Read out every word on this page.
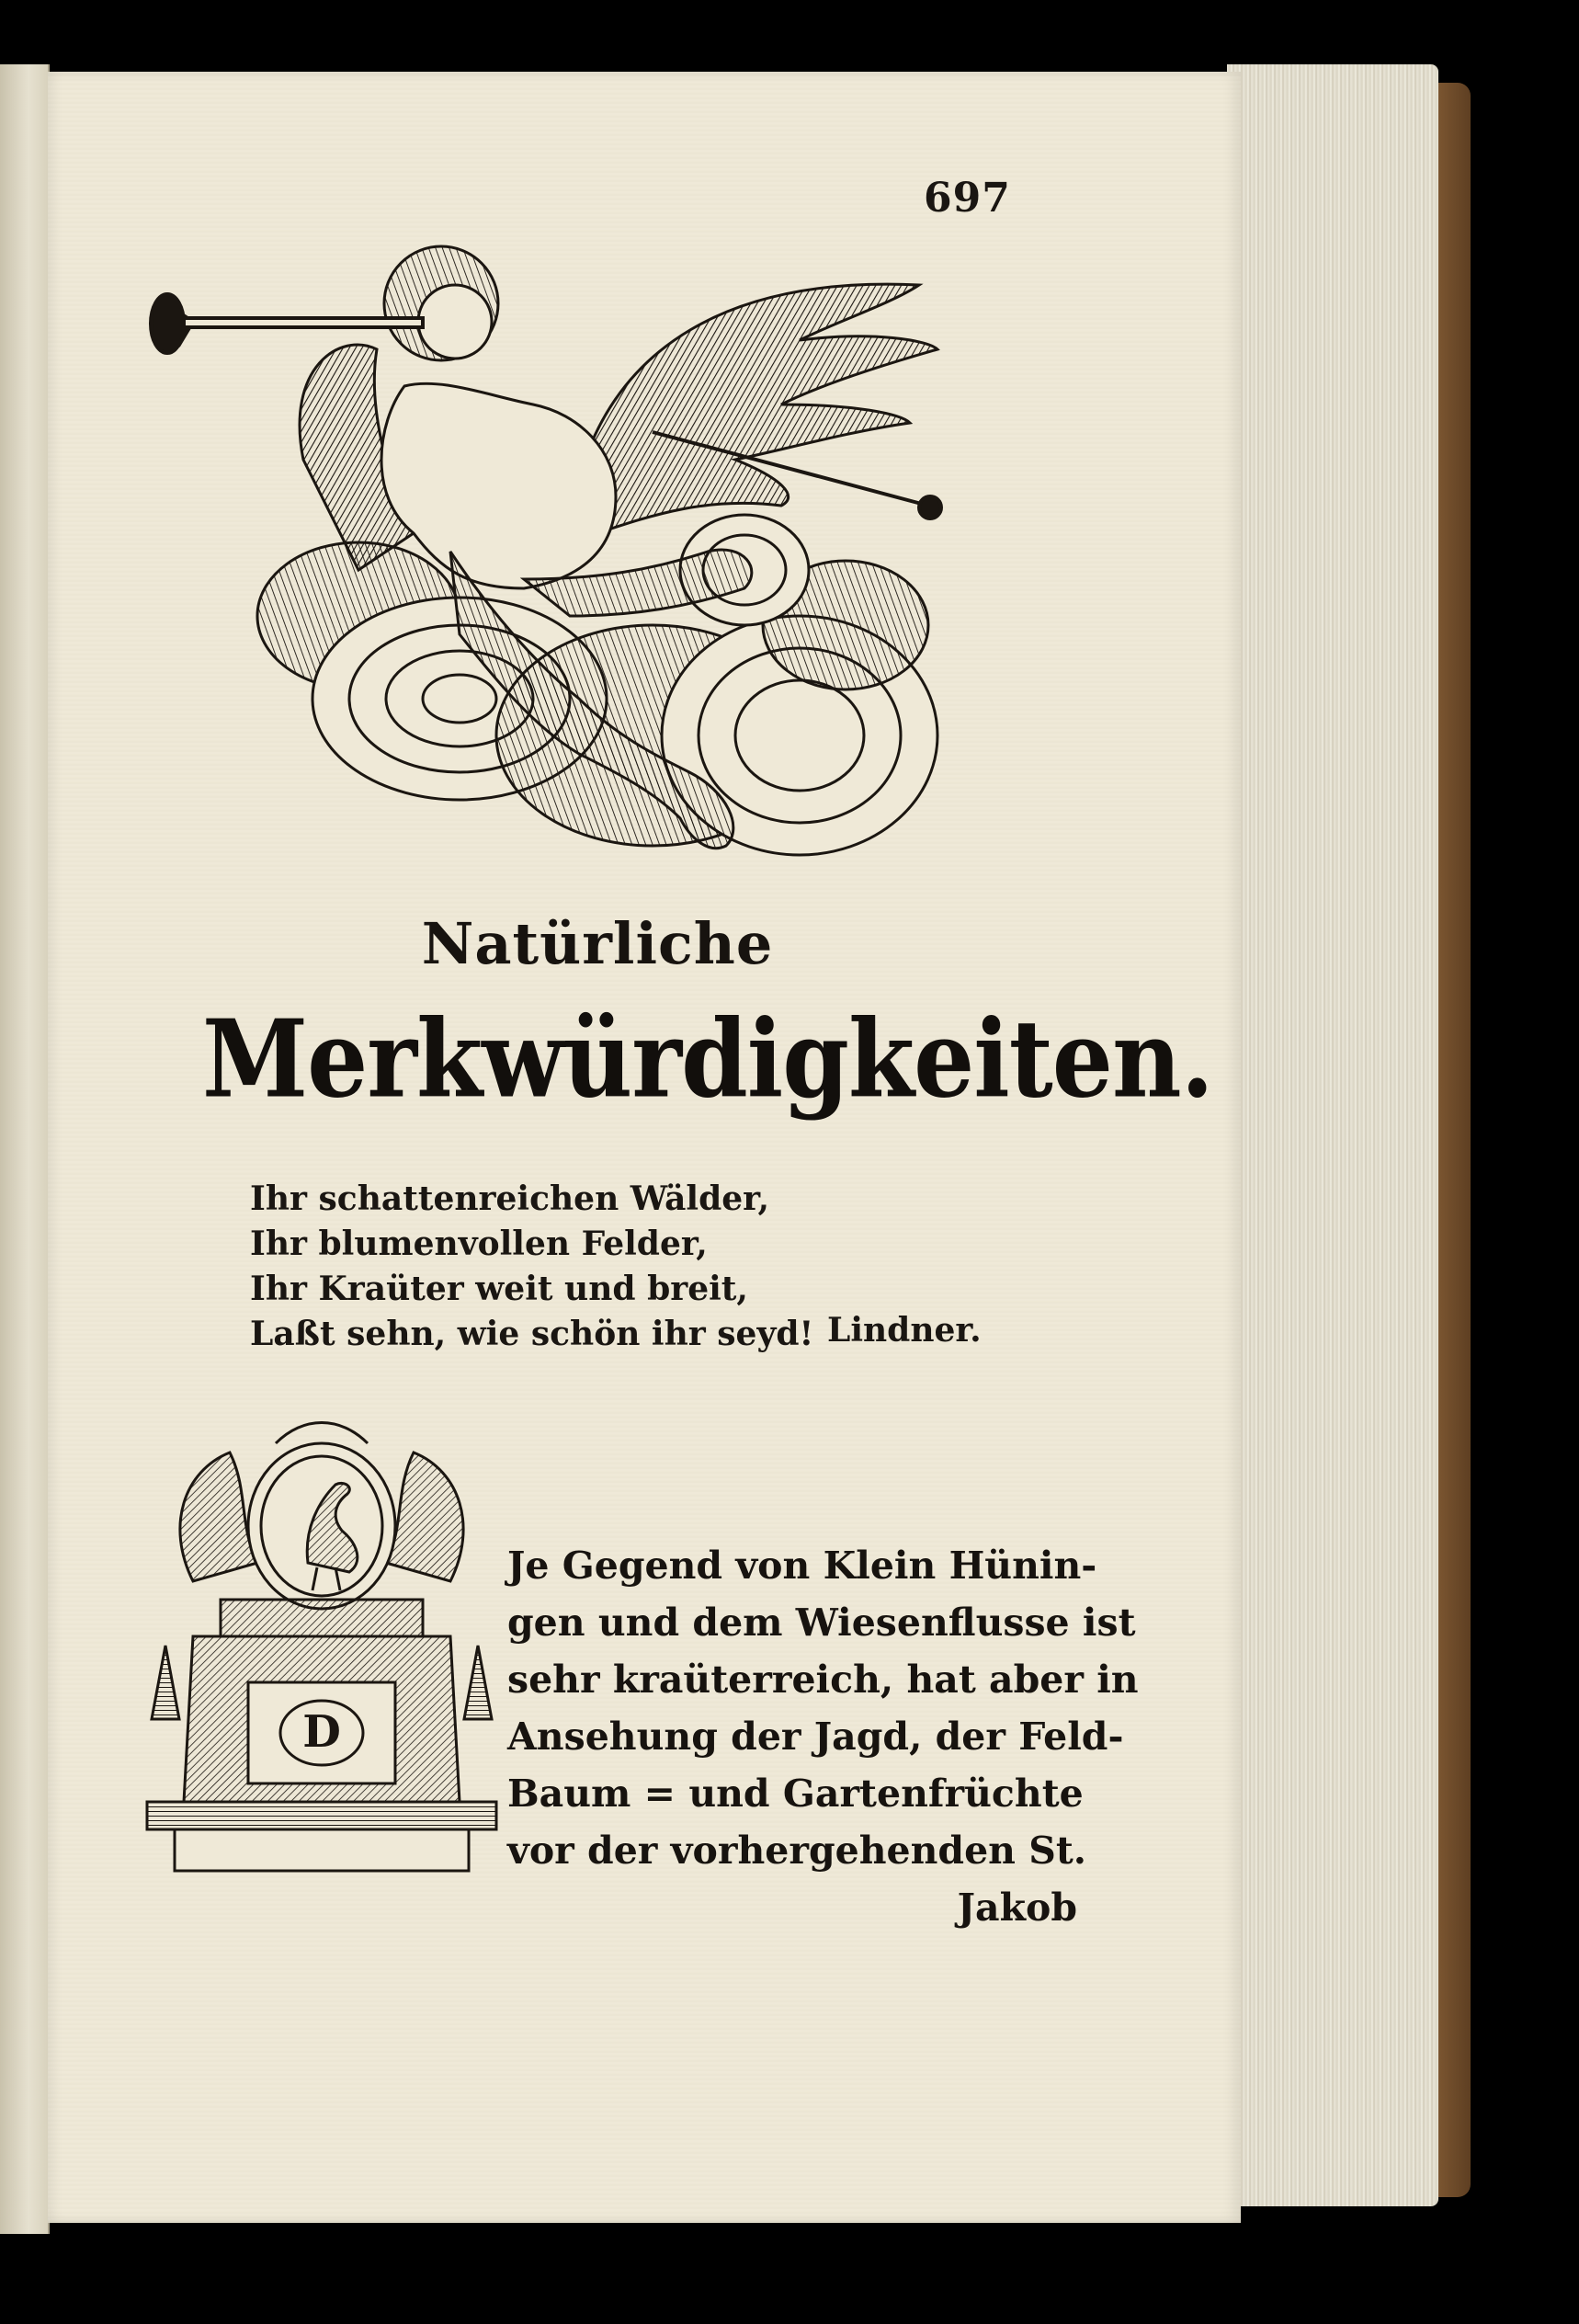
697
Natürliche
Merkwürdigkeiten.
Ihr schattenreichen Wälder,
Ihr blumenvollen Felder,
Ihr Kraüter weit und breit,
Laßt sehn, wie schön ihr seyd! Lindner.
D
Je Gegend von Klein Hünin-
gen und dem Wiesenflusse ist
sehr kraüterreich, hat aber in
Ansehung der Jagd, der Feld-
Baum = und Gartenfrüchte
vor der vorhergehenden St.
Jakob
